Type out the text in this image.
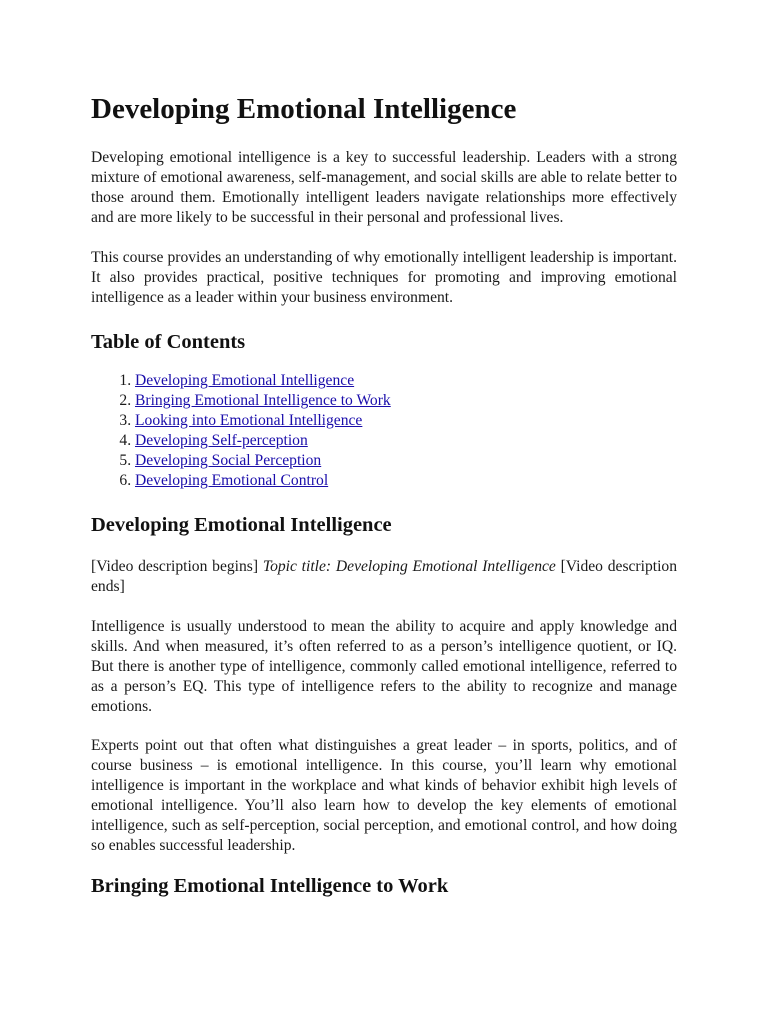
Developing Emotional Intelligence

Developing emotional intelligence is a key to successful leadership. Leaders with a strong mixture of emotional awareness, self-management, and social skills are able to relate better to those around them. Emotionally intelligent leaders navigate relationships more effectively and are more likely to be successful in their personal and professional lives.

This course provides an understanding of why emotionally intelligent leadership is important. It also provides practical, positive techniques for promoting and improving emotional intelligence as a leader within your business environment.

Table of Contents
1. Developing Emotional Intelligence
2. Bringing Emotional Intelligence to Work
3. Looking into Emotional Intelligence
4. Developing Self-perception
5. Developing Social Perception
6. Developing Emotional Control
Developing Emotional Intelligence

[Video description begins] Topic title: Developing Emotional Intelligence [Video description ends]

Intelligence is usually understood to mean the ability to acquire and apply knowledge and skills. And when measured, it’s often referred to as a person’s intelligence quotient, or IQ. But there is another type of intelligence, commonly called emotional intelligence, referred to as a person’s EQ. This type of intelligence refers to the ability to recognize and manage emotions.

Experts point out that often what distinguishes a great leader – in sports, politics, and of course business – is emotional intelligence. In this course, you’ll learn why emotional intelligence is important in the workplace and what kinds of behavior exhibit high levels of emotional intelligence. You’ll also learn how to develop the key elements of emotional intelligence, such as self-perception, social perception, and emotional control, and how doing so enables successful leadership.

Bringing Emotional Intelligence to Work
